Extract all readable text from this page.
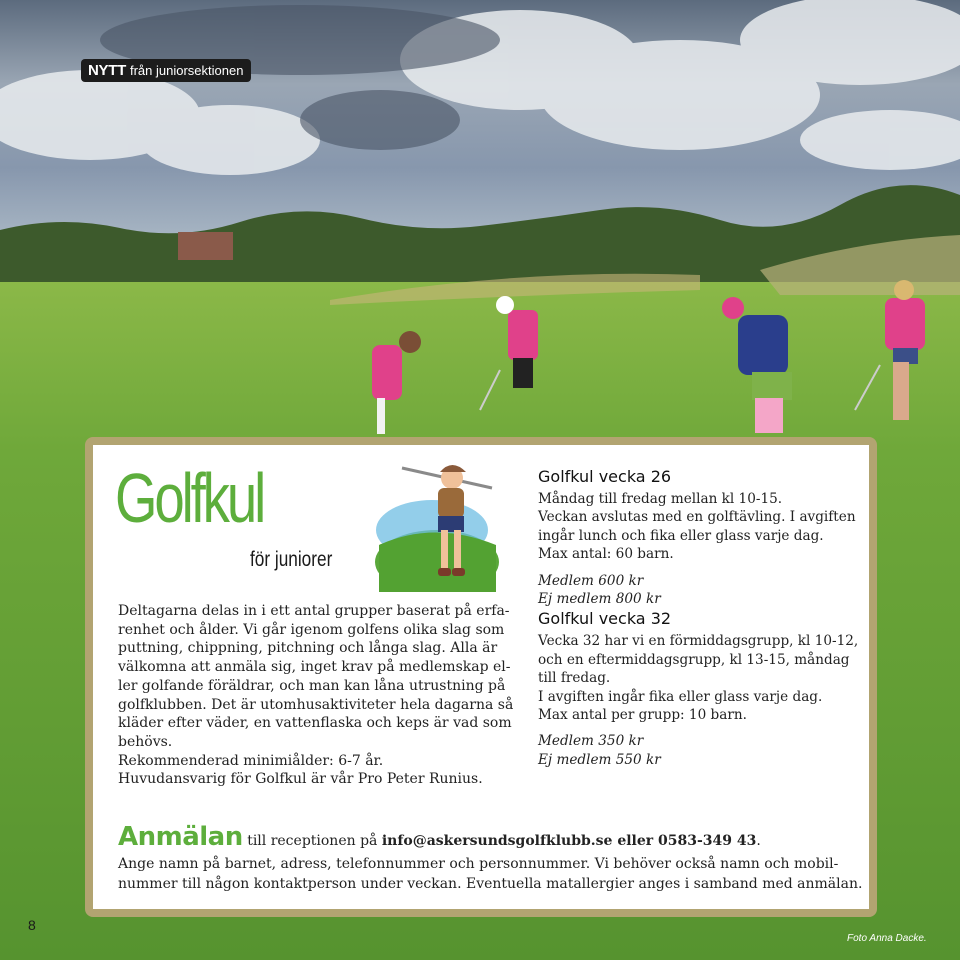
NYTT från juniorsektionen
Golfkul
för juniorer
Deltagarna delas in i ett antal grupper baserat på erfa-
renhet och ålder. Vi går igenom golfens olika slag som
puttning, chippning, pitchning och långa slag. Alla är
välkomna att anmäla sig, inget krav på medlemskap el-
ler golfande föräldrar, och man kan låna utrustning på
golfklubben. Det är utomhusaktiviteter hela dagarna så
kläder efter väder, en vattenflaska och keps är vad som
behövs.
Rekommenderad minimiålder: 6-7 år.
Huvudansvarig för Golfkul är vår Pro Peter Runius.
Golfkul vecka 26
Måndag till fredag mellan kl 10-15.
Veckan avslutas med en golftävling. I avgiften
ingår lunch och fika eller glass varje dag.
Max antal: 60 barn.
Medlem 600 kr
Ej medlem 800 kr
Golfkul vecka 32
Vecka 32 har vi en förmiddagsgrupp, kl 10-12,
och en eftermiddagsgrupp, kl 13-15, måndag
till fredag.
I avgiften ingår fika eller glass varje dag.
Max antal per grupp: 10 barn.
Medlem 350 kr
Ej medlem 550 kr
Anmälan till receptionen på info@askersundsgolfklubb.se eller 0583-349 43.
Ange namn på barnet, adress, telefonnummer och personnummer. Vi behöver också namn och mobil-
nummer till någon kontaktperson under veckan. Eventuella matallergier anges i samband med anmälan.
8
Foto Anna Dacke.
